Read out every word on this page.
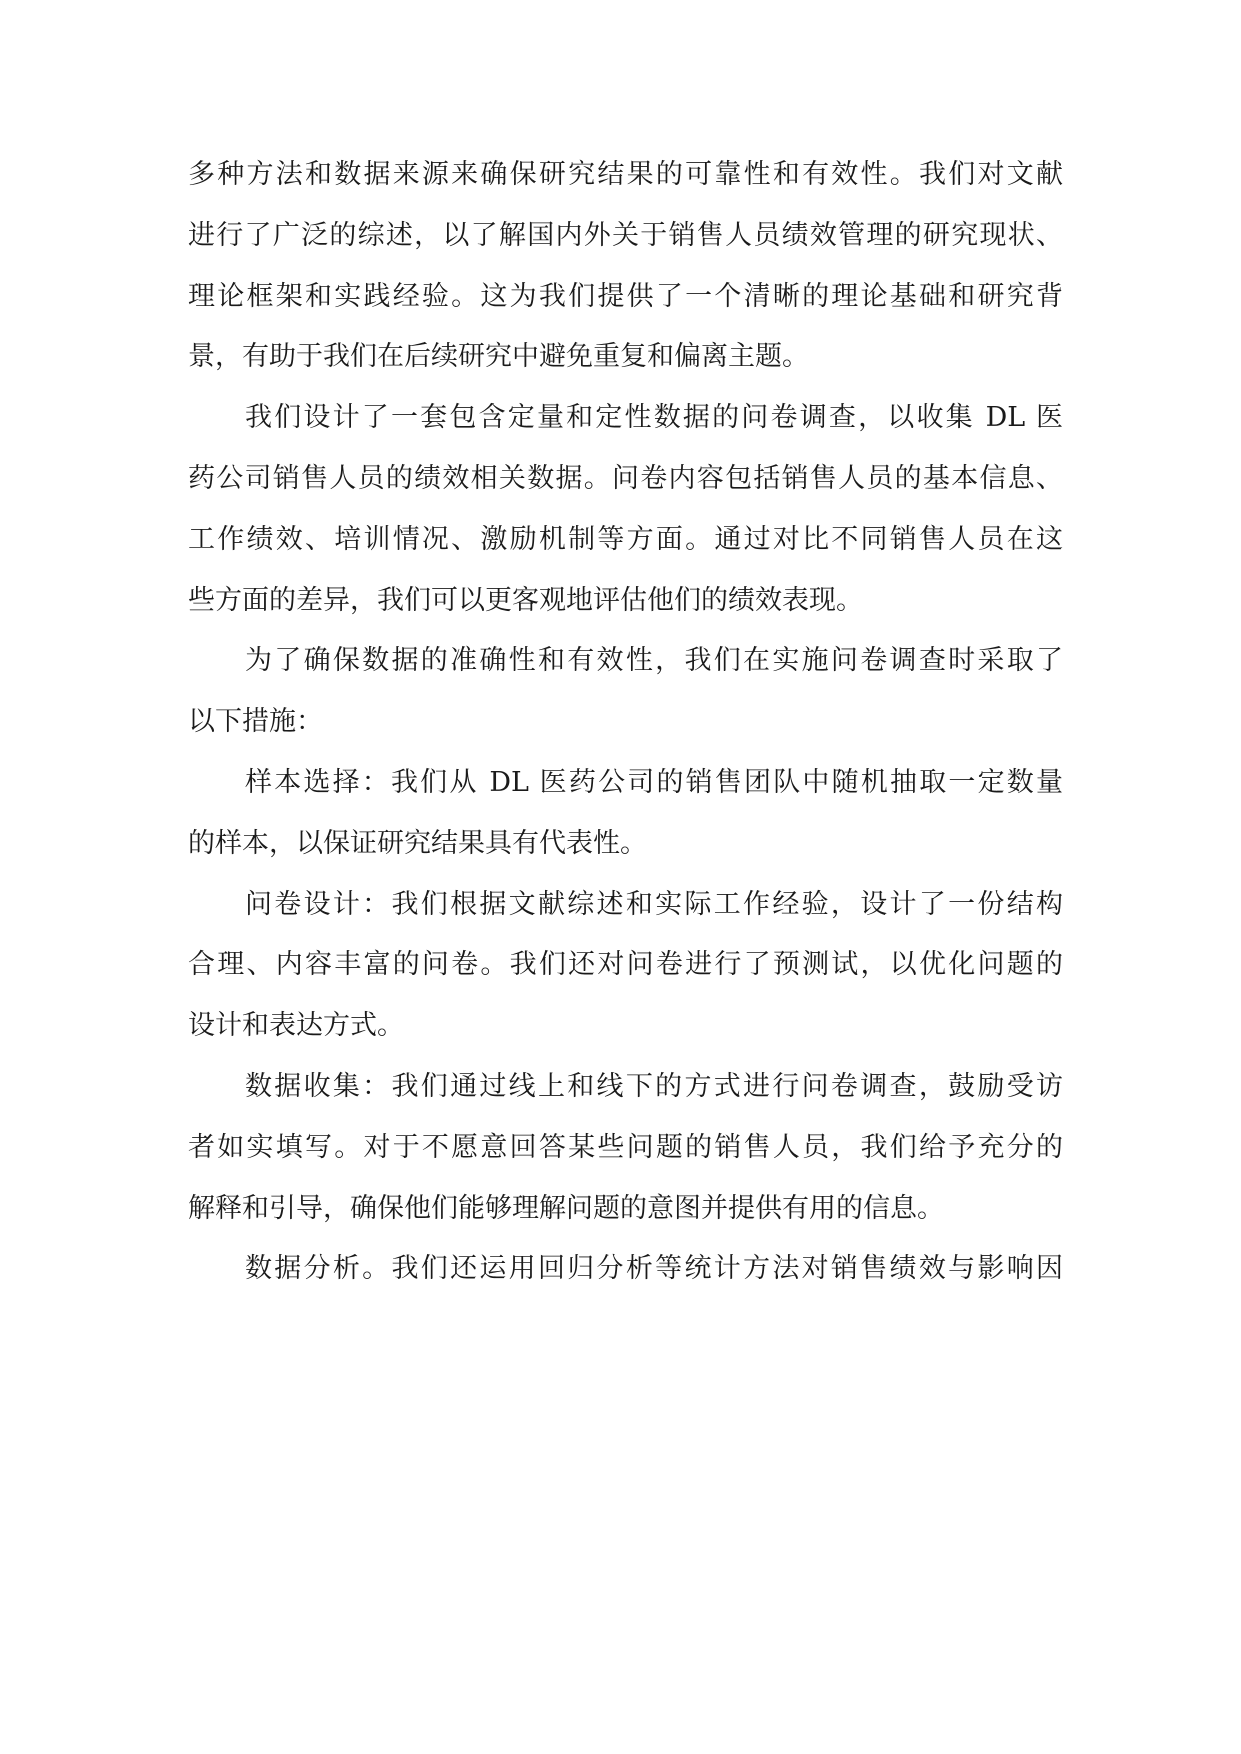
多种方法和数据来源来确保研究结果的可靠性和有效性。我们对文献
进行了广泛的综述，以了解国内外关于销售人员绩效管理的研究现状、
理论框架和实践经验。这为我们提供了一个清晰的理论基础和研究背
景，有助于我们在后续研究中避免重复和偏离主题。
我们设计了一套包含定量和定性数据的问卷调查，以收集 DL 医
药公司销售人员的绩效相关数据。问卷内容包括销售人员的基本信息、
工作绩效、培训情况、激励机制等方面。通过对比不同销售人员在这
些方面的差异，我们可以更客观地评估他们的绩效表现。
为了确保数据的准确性和有效性，我们在实施问卷调查时采取了
以下措施：
样本选择：我们从 DL 医药公司的销售团队中随机抽取一定数量
的样本，以保证研究结果具有代表性。
问卷设计：我们根据文献综述和实际工作经验，设计了一份结构
合理、内容丰富的问卷。我们还对问卷进行了预测试，以优化问题的
设计和表达方式。
数据收集：我们通过线上和线下的方式进行问卷调查，鼓励受访
者如实填写。对于不愿意回答某些问题的销售人员，我们给予充分的
解释和引导，确保他们能够理解问题的意图并提供有用的信息。
数据分析。我们还运用回归分析等统计方法对销售绩效与影响因
